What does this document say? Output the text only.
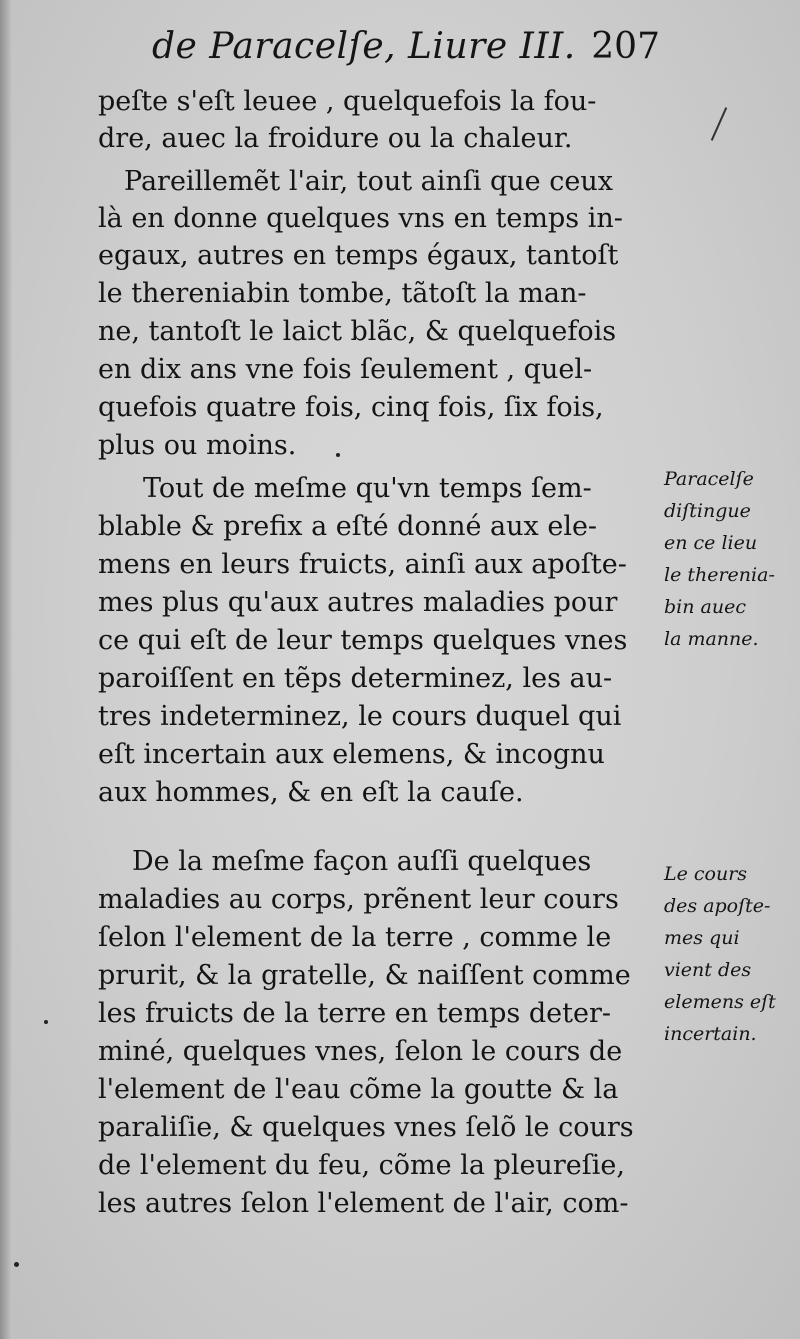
de Paracelſe, Liure III. 207
peſte s'eſt leuee , quelquefois la fou-
dre, auec la froidure ou la chaleur.
Pareillemẽt l'air, tout ainſi que ceux
là en donne quelques vns en temps in-
egaux, autres en temps égaux, tantoſt
le thereniabin tombe, tãtoſt la man-
ne, tantoſt le laict blãc, & quelquefois
en dix ans vne fois ſeulement , quel-
quefois quatre fois, cinq fois, ſix fois,
plus ou moins.
Tout de meſme qu'vn temps ſem-
blable & prefix a eſté donné aux ele-
mens en leurs fruicts, ainſi aux apoſte-
mes plus qu'aux autres maladies pour
ce qui eſt de leur temps quelques vnes
paroiſſent en tẽps determinez, les au-
tres indeterminez, le cours duquel qui
eſt incertain aux elemens, & incognu
aux hommes, & en eſt la cauſe.
De la meſme façon auſſi quelques
maladies au corps, prẽnent leur cours
ſelon l'element de la terre , comme le
prurit, & la gratelle, & naiſſent comme
les fruicts de la terre en temps deter-
miné, quelques vnes, ſelon le cours de
l'element de l'eau cõme la goutte & la
paraliſie, & quelques vnes ſelõ le cours
de l'element du feu, cõme la pleureſie,
les autres ſelon l'element de l'air, com-
Paracelſe
diſtingue
en ce lieu
le therenia-
bin auec
la manne.
Le cours
des apoſte-
mes qui
vient des
elemens eſt
incertain.
